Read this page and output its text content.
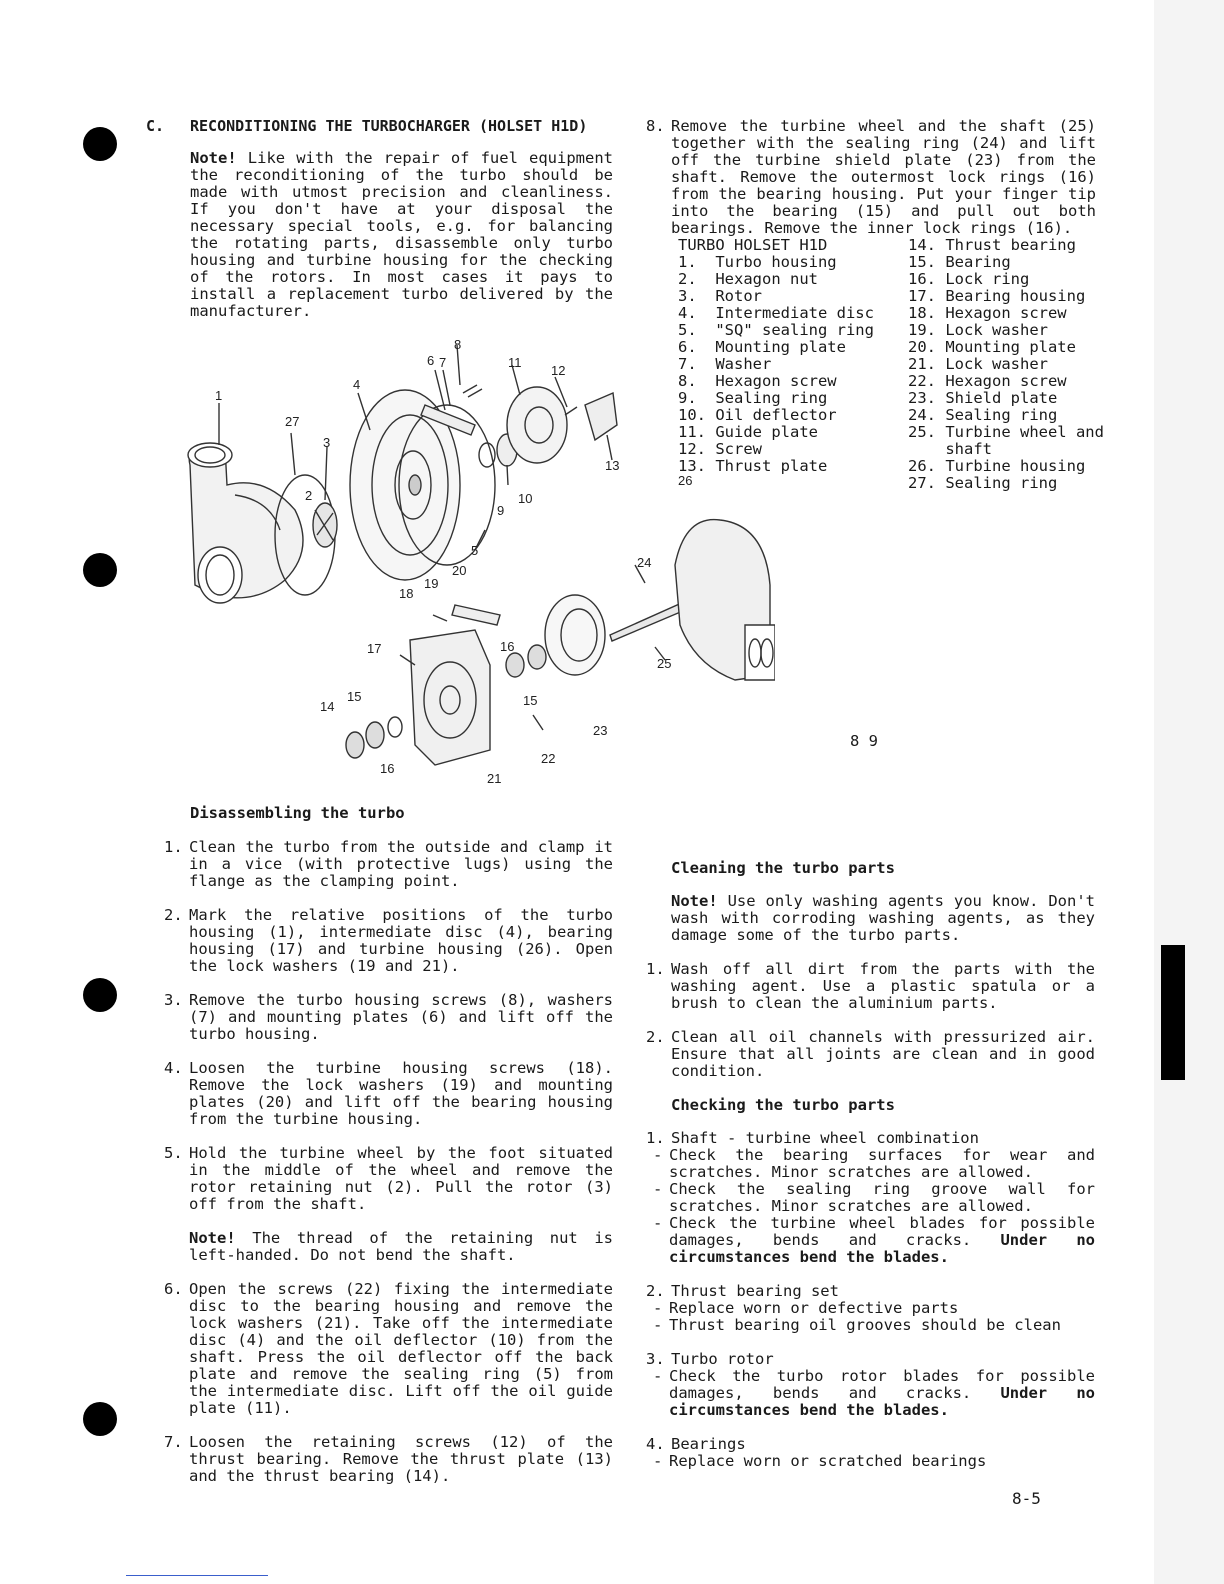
C. RECONDITIONING THE TURBOCHARGER (HOLSET H1D)
Note! Like with the repair of fuel equipment the reconditioning of the turbo should be made with utmost precision and cleanliness. If you don't have at your disposal the necessary special tools, e.g. for balancing the rotating parts, disassemble only turbo housing and turbine housing for the checking of the rotors. In most cases it pays to install a replacement turbo delivered by the manufacturer.
8. Remove the turbine wheel and the shaft (25) together with the sealing ring (24) and lift off the turbine shield plate (23) from the shaft. Remove the outermost lock rings (16) from the bearing housing. Put your finger tip into the bearing (15) and pull out both bearings. Remove the inner lock rings (16).
TURBO HOLSET H1D
1.  Turbo housing
2.  Hexagon nut
3.  Rotor
4.  Intermediate disc
5.  "SQ" sealing ring
6.  Mounting plate
7.  Washer
8.  Hexagon screw
9.  Sealing ring
10. Oil deflector
11. Guide plate
12. Screw
13. Thrust plate
14. Thrust bearing
15. Bearing
16. Lock ring
17. Bearing housing
18. Hexagon screw
19. Lock washer
20. Mounting plate
21. Lock washer
22. Hexagon screw
23. Shield plate
24. Sealing ring
25. Turbine wheel and
shaft
26. Turbine housing
27. Sealing ring
1
2
3
4
5
6 7
8
9
10
11
12
13
14
15	15
16
16
17
18
19
20
21
22
23
24
25
26
27
8 9
Disassembling the turbo
1. Clean the turbo from the outside and clamp it in a vice (with protective lugs) using the flange as the clamping point.
2. Mark the relative positions of the turbo housing (1), intermediate disc (4), bearing housing (17) and turbine housing (26). Open the lock washers (19 and 21).
3. Remove the turbo housing screws (8), washers (7) and mounting plates (6) and lift off the turbo housing.
4. Loosen the turbine housing screws (18). Remove the lock washers (19) and mounting plates (20) and lift off the bearing housing from the turbine housing.
5. Hold the turbine wheel by the foot situated in the middle of the wheel and remove the rotor retaining nut (2). Pull the rotor (3) off from the shaft.
Note! The thread of the retaining nut is left-handed. Do not bend the shaft.
6. Open the screws (22) fixing the intermediate disc to the bearing housing and remove the lock washers (21). Take off the intermediate disc (4) and the oil deflector (10) from the shaft. Press the oil deflector off the back plate and remove the sealing ring (5) from the intermediate disc. Lift off the oil guide plate (11).
7. Loosen the retaining screws (12) of the thrust bearing. Remove the thrust plate (13) and the thrust bearing (14).
Cleaning the turbo parts
Note! Use only washing agents you know. Don't wash with corroding washing agents, as they damage some of the turbo parts.
1. Wash off all dirt from the parts with the washing agent. Use a plastic spatula or a brush to clean the aluminium parts.
2. Clean all oil channels with pressurized air. Ensure that all joints are clean and in good condition.
Checking the turbo parts
1. Shaft - turbine wheel combination
- Check the bearing surfaces for wear and scratches. Minor scratches are allowed.
- Check the sealing ring groove wall for scratches. Minor scratches are allowed.
- Check the turbine wheel blades for possible damages, bends and cracks. Under no circumstances bend the blades.
2. Thrust bearing set
- Replace worn or defective parts
- Thrust bearing oil grooves should be clean
3. Turbo rotor
- Check the turbo rotor blades for possible damages, bends and cracks. Under no circumstances bend the blades.
4. Bearings
- Replace worn or scratched bearings
8-5
